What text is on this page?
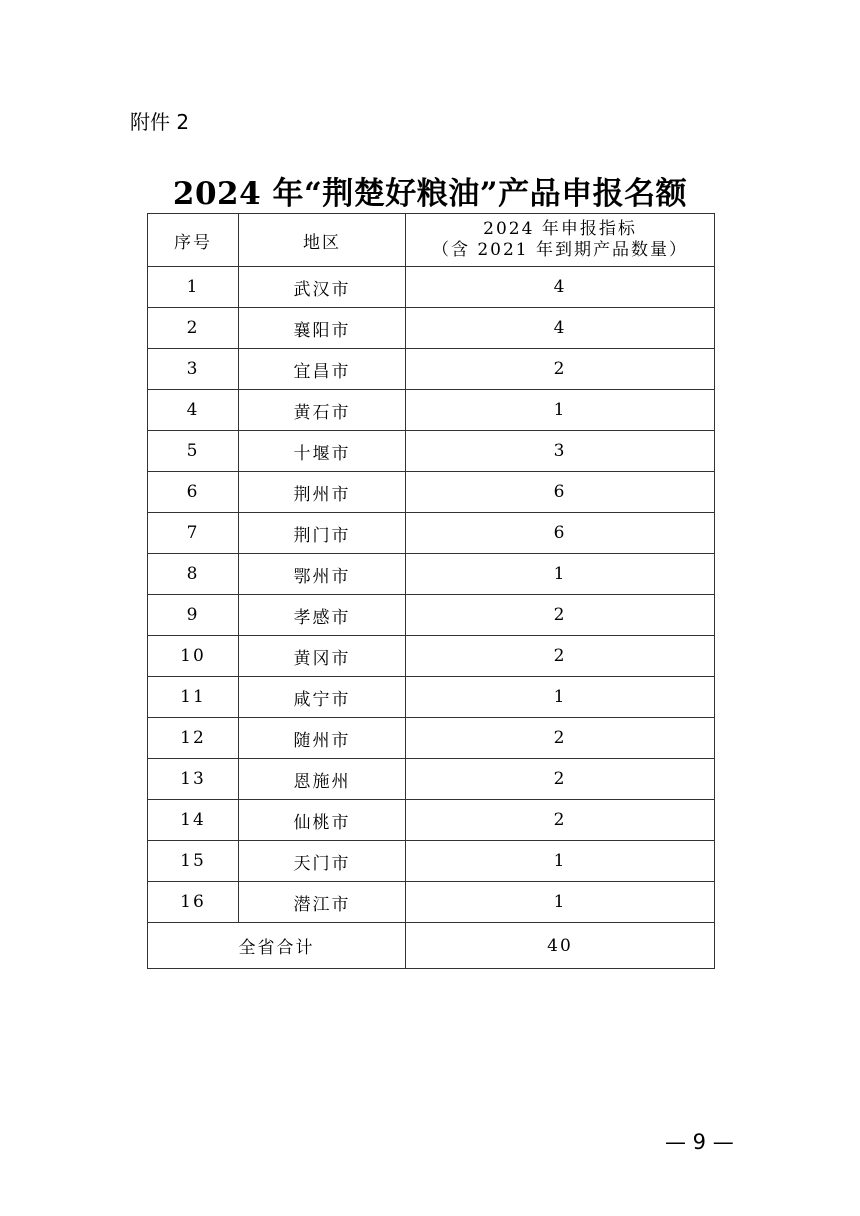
附件 2
2024 年“荆楚好粮油”产品申报名额
序号	地区	2024 年申报指标
（含 2021 年到期产品数量）

1	武汉市	4
2	襄阳市	4
3	宜昌市	2
4	黄石市	1
5	十堰市	3
6	荆州市	6
7	荆门市	6
8	鄂州市	1
9	孝感市	2
10	黄冈市	2
11	咸宁市	1
12	随州市	2
13	恩施州	2
14	仙桃市	2
15	天门市	1
16	潜江市	1
全省合计		40
— 9 —
